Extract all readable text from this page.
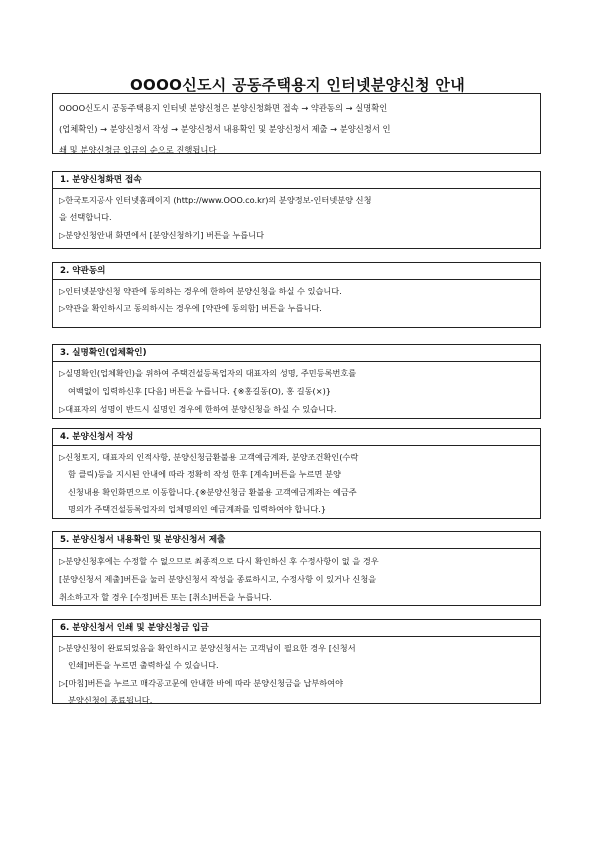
OOOO신도시 공동주택용지 인터넷분양신청 안내

OOOO신도시 공동주택용지 인터넷 분양신청은 분양신청화면 접속 → 약관동의 → 실명확인

(업체확인) → 분양신청서 작성 → 분양신청서 내용확인 및 분양신청서 제출 → 분양신청서 인

쇄 및 분양신청금 입금의 순으로 진행됩니다

1. 분양신청화면 접속

▷한국토지공사 인터넷홈페이지 (http://www.OOO.co.kr)의 분양정보-인터넷분양 신청

을 선택합니다.

▷분양신청안내 화면에서 [분양신청하기] 버튼을 누릅니다

2. 약관동의

▷인터넷분양신청 약관에 동의하는 경우에 한하여 분양신청을 하실 수 있습니다.

▷약관을 확인하시고 동의하시는 경우에 [약관에 동의함] 버튼을 누릅니다.

3. 실명확인(업체확인)

▷실명확인(업체확인)을 위하여 주택건설등록업자의 대표자의 성명, 주민등록번호를

여백없이 입력하신후 [다음] 버튼을 누릅니다. {※홍길동(O), 홍 길동(×)}

▷대표자의 성명이 반드시 실명인 경우에 한하여 분양신청을 하실 수 있습니다.

4. 분양신청서 작성

▷신청토지, 대표자의 인적사항, 분양신청금환불용 고객예금계좌, 분양조건확인(수락

함 클릭)등을 지시된 안내에 따라 정확히 작성 한후 [계속]버튼을 누르면 분양

신청내용 확인화면으로 이동합니다.{※분양신청금 환불용 고객예금계좌는 예금주

명의가 주택건설등록업자의 업체명의인 예금계좌를 입력하여야 합니다.}

5. 분양신청서 내용확인 및 분양신청서 제출

▷분양신청후에는 수정할 수 없으므로 최종적으로 다시 확인하신 후 수정사항이 없 을 경우

[분양신청서 제출]버튼을 눌러 분양신청서 작성을 종료하시고, 수정사항 이 있거나 신청을

취소하고자 할 경우 [수정]버튼 또는 [취소]버튼을 누릅니다.

6. 분양신청서 인쇄 및 분양신청금 입금

▷분양신청이 완료되었음을 확인하시고 분양신청서는 고객님이 필요한 경우 [신청서

인쇄]버튼을 누르면 출력하실 수 있습니다.

▷[마침]버튼을 누르고 매각공고문에 안내한 바에 따라 분양신청금을 납부하여야

분양신청이 종료됩니다.
